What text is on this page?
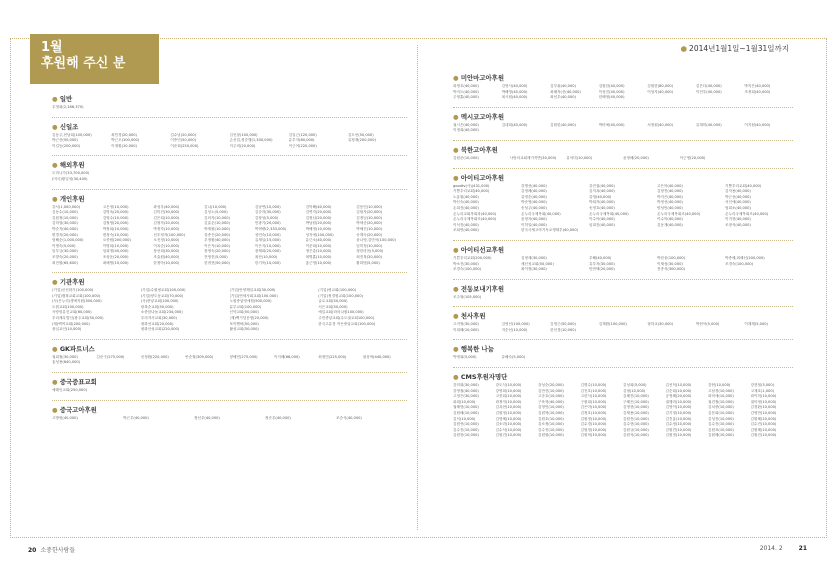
1월
후원해 주신 분
● 2014년1월1일~1월31일까지
● 일반
우정희(2,166,370)
● 신일조
김동주,현남희(100,000)	최민경(20,000)	김수남(20,000)	김신창(100,000)	김일근(120,000)	김도선(50,000)
박근산(50,000)	박근오(100,000)	이종민(50,000)	손신업,정순행(1,300,000)	유부자(80,000)	유정재(200,000)
이길동(200,000)	이정환(10,000)	이준희(250,000)	이주비(20,000)	이근아(220,000)
● 해외후원
도미니카(33,700,000)
(미국)황일성(30,400)
● 개인후원
강서(1,000,000)	고은정(10,000)	곽성우(40,000)	김나(10,000)	김남연(10,000)	김덕해(40,000)	김동민(10,000)
김동수(10,000)	김명옥(20,000)	김미진(30,000)	김성노(5,000)	김순자(30,000)	김연자(20,000)	김원자(20,000)
김원정(10,000)	김영수(10,000)	김은희(10,000)	김의자(10,000)	김장성(5,000)	김정님(20,000)	김정님(10,000)
김하열(30,000)	김철영(20,000)	김형자(20,000)	김효순(10,000)	민광기(20,000)	박남원(20,000)	박세준(20,000)
박순자(40,000)	박정희(10,000)	박정자(10,000)	박재원(10,000)	박혁량(2,333,000)	박혜정(10,000)	박혜진(10,000)
변경자(20,000)	변정숙(10,000)	선우정자(100,000)	설종은(20,000)	성민숙(10,000)	성지애(100,000)	송계숙(20,000)
엄해순(1,000,000)	오종원(200,000)	오진정(10,000)	우정환(40,000)	유재일(15,000)	유근소(40,000)	윤나영,김민석(100,000)
이명숙(5,000)	이명희(10,000)	이옥순(10,000)	이은자(10,000)	이은지(10,000)	이준희(10,000)	임미정(10,000)
임부규(30,000)	임희정(40,000)	장선희(30,000)	장영숙(20,000)	장채희(20,000)	정은총(10,000)	정한마음(5,000)
조향숙(20,000)	조성운(20,000)	조효원(40,000)	전영진(5,000)	최산(10,000)	최병훈(10,000)	최진복(20,000)
최진원(65,600)	최혜명(10,000)	한정아(10,000)	한귀현(50,000)	한기욱(10,000)	홍근영(10,000)	황화범(5,000)
● 기관후원
(기업)신선화가(100,000)	(기업)수원평교회(100,000)	(기업)안양제일교회(30,000)	(기업)평교회(100,000)
(기업)행복교회교회(100,000)	(기업)양도동교회(70,000)	(기업)연세사회교회(100,000)	(기업)정경원교회(100,000)
(사)은누리(생애자원(300,000)	(사)중앙교회(100,000)	노원중앙영애원(500,000)	글로교회(50,000)
도원교회(100,000)	광복순교회(50,000)	분부교회(100,000)	서은교회(50,000)
사랑항유진교회(60,000)	소중한나눔교회(234,000)	신약교회(50,000)	예일교회(라마나원100,000)
우리세무법인(광주교회(50,000)	우리자사교회(30,000)	(재)백기념운영(20,000)	주민중앙교회(수도권교회100,000)
(재)백여교회(200,000)	평화선교회(20,000)	포이엔써(50,000)	한국고유경 작은중앙교회(100,000)
광일교인(10,000)	평화산성교회(220,000)	활성교회(50,000)
● GK파트너스
권희철(30,000)	김준구(275,000)	신정환(220,000)	안순철(309,000)	양혜민(275,000)	이지혜(68,000)	최정민(225,000)	권상혁(440,000)
홍성용(640,000)
● 중국중표교회
예레인교회(250,000)
● 중국고아후원
고방원(40,000)	박근우(40,000)	정선우(40,000)	정순우(40,000)	조순식(40,000)
● 미안마고아후원
곽정호(40,000)	김영사(40,000)	김부쉬(40,000)	김원한(40,000)	김원한(80,000)	김은다(40,000)	박지은(40,000)
박지도(40,000)	박혜영(40,000)	최혜자(신(40,000)	이성진(40,000)	이성자(40,000)	이전우(40,000)	조정희(40,000)
주영훈(40,000)	최시원(40,000)	최선우(40,000)	한혜영(40,000)
● 멕시코고아후원
권시은(40,000)	김대희(40,000)	김원한(40,000)	박미애(40,000)	서정원(40,000)	유재미(40,000)	이지원(40,000)
이정희(40,000)
● 북한고아후원
김원준(10,000)	사랑의교회새가족반(30,000)	유석미(10,000)	윤정혜(20,000)	이근영(20,000)
● 아이티고아후원
goodtv(사)(431,000)	강명선(40,000)	강진섭(40,000)	고은아(40,000)	기쁨우리교회(40,000)
기쁨우리교회(40,000)	김영례(40,000)	김자옥(40,000)	김장진(40,000)	김자용(40,000)
노흥원(40,000)	류영순(40,000)	류영(40,000)	박지은(40,000)	박근선(40,000)
박신숙(40,000)	박준영(40,000)	박희자(40,000)	박정선(40,000)	서인애(40,000)
손희진(40,000)	송성주(40,000)	송정호(40,000)	양성민(40,000)	엄희소(40,000)
온누리교회목회과(40,000)	온누리국제목회(40,000)	온누리국제목회(40,000)	온누리국제목회조(40,000)	온누리국제목회조(40,000)
온누리국제목회조(40,000)	윤정자(40,000)	이수아(40,000)	이수아(40,000)	이지현(40,000)
이석진(40,000)	이허일(40,000)	임희진(40,000)	김동재(40,000)	조정석(40,000)
조희연(40,000)	한국국제고아기독교생태부(40,000)
● 아이티선교후원
기쁜우리교회(200,000)	김정세(30,000)	우해(40,000)	박한웅(100,000)	박종혜,최혜선(200,000)
박소진(30,000)	새신성교회(50,000)	유부자(30,000)	이채성(30,000)	조경숙(100,000)
조경숙(100,000)	최이정(30,000)	안만택(20,000)	전종석(300,000)
● 전동보내기후원
조주형(105,000)
● 천사후원
고지영(30,000)	김영선(100,000)	김영근(50,000)	김재환(100,000)	형하교(30,000)	박현석(5,000)	이재계(5,000)
이희혜(10,000)	지순선(10,000)	한선경(10,000)
● 행복한 나눔
박영희(5,000)	유해숙(5,000)
● CMS후원자명단
강미희(30,000)	강도식(10,000)	강성순(20,000)	김명수(10,000)	김성희(5,000)	김선덕(10,000)	강헌(10,000)	강현철(3,000)
강영철(40,000)	강영희(10,000)	김만진(10,000)	김진호(10,000)	김형(10,000)	김순희(10,000)	고남경(10,000)	고재호(1,000)
고영은(30,000)	고종희(10,000)	고준호(10,000)	고한식(10,000)	김혜진(10,000)	공정혜(20,000)	곽미애(10,000)	곽이미(10,000)
곽희(10,000)	곽정자(10,000)	구육혁(40,000)	구원희(10,000)	구혜은(10,000)	권행라(10,000)	권진철(10,000)	권아정(10,000)
권혜현(10,000)	김옥현(10,000)	김영민(10,000)	김은아(10,000)	김영현(10,000)	김영이(10,000)	김치중(10,000)	김경완(10,000)
김원혜(10,000)	김원정(10,000)	김원혁(10,000)	김정호(10,000)	김채용(10,000)	김기정(10,000)	김문희(10,000)	김영만(10,000)
김석(10,000)	김영혜(10,000)	김원호(10,000)	김원정(10,000)	김원진(10,000)	김진홍(10,000)	김성진(10,000)	김원혜(10,000)
김원선(10,000)	김소라(10,000)	김소정(10,000)	김수경(10,000)	김수현(10,000)	김수정(10,000)	김수진(10,000)	김수진(10,000)
김수진(10,000)	김수석(10,000)	김수진(10,000)	김원정(10,000)	김원규(10,000)	김원진(10,000)	김원표(10,000)	김원혜(10,000)
김원찬(10,000)	김원진(10,000)	김원원(10,000)	김원혁(10,000)	김원석(10,000)	김원정(10,000)	김원혜(10,000)	김원진(10,000)
20 소중한사람들	2014. 2	21
